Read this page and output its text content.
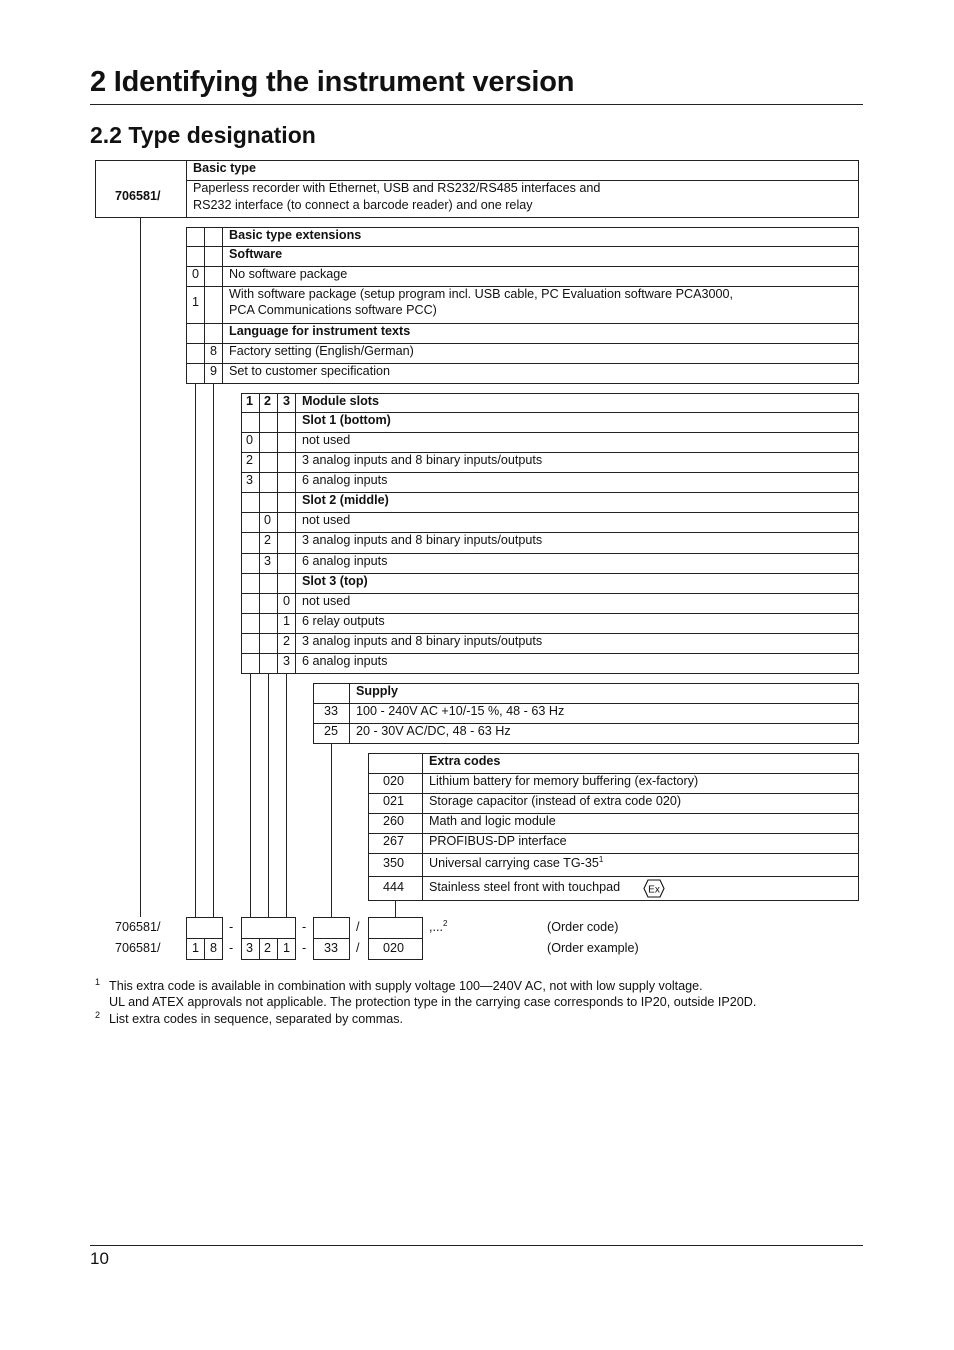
2 Identifying the instrument version
2.2 Type designation
Basic type
706581/
Paperless recorder with Ethernet, USB and RS232/RS485 interfaces and
RS232 interface (to connect a barcode reader) and one relay
Basic type extensions
Software
0 No software package
1
With software package (setup program incl. USB cable, PC Evaluation software PCA3000,
PCA Communications software PCC)
Language for instrument texts
8 Factory setting (English/German)
9 Set to customer specification
1 2 3 Module slots
Slot 1 (bottom)
0	not used
2	3 analog inputs and 8 binary inputs/outputs
3	6 analog inputs
Slot 2 (middle)
0 not used
2 3 analog inputs and 8 binary inputs/outputs
3 6 analog inputs
Slot 3 (top)
0 not used
1 6 relay outputs
2 3 analog inputs and 8 binary inputs/outputs
3 6 analog inputs
Supply
33 100 - 240V AC +10/-15 %, 48 - 63 Hz
25 20 - 30V AC/DC, 48 - 63 Hz
Extra codes
020 Lithium battery for memory buffering (ex-factory)
021 Storage capacitor (instead of extra code 020)
260 Math and logic module
267 PROFIBUS-DP interface
350 Universal carrying case $TG-35^1$
444 Stainless steel front with touchpad	Ex
706581/	-	-	/	,...$^2$	(Order code)
706581/ 1 8 - 3 2 1 - 33 / 020	(Order example)
1 This extra code is available in combination with supply voltage 100—240V AC, not with low supply voltage.
UL and ATEX approvals not applicable. The protection type in the carrying case corresponds to IP20, outside IP20D.
2 List extra codes in sequence, separated by commas.
10
